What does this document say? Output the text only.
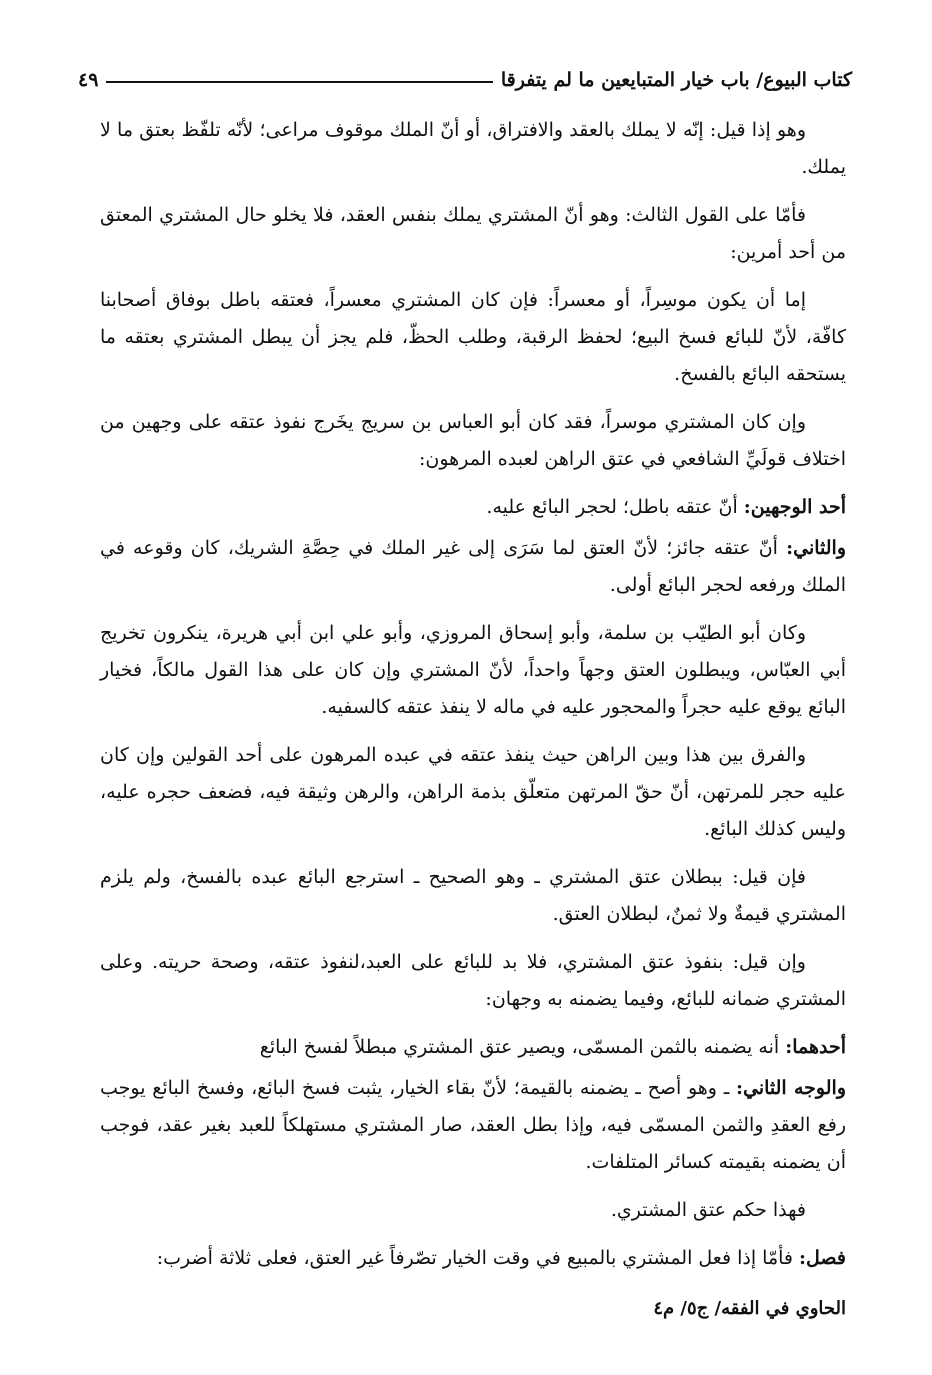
كتاب البيوع/ باب خيار المتبايعين ما لم يتفرقا
٤٩

وهو إذا قيل: إنّه لا يملك بالعقد والافتراق، أو أنّ الملك موقوف مراعى؛ لأنّه تلفّظ بعتق ما لا يملك.

فأمّا على القول الثالث: وهو أنّ المشتري يملك بنفس العقد، فلا يخلو حال المشتري المعتق من أحد أمرين:

إما أن يكون موسِراً، أو معسراً: فإن كان المشتري معسراً، فعتقه باطل بوفاق أصحابنا كافّة، لأنّ للبائع فسخ البيع؛ لحفظ الرقبة، وطلب الحظّ، فلم يجز أن يبطل المشتري بعتقه ما يستحقه البائع بالفسخ.

وإن كان المشتري موسراً، فقد كان أبو العباس بن سريج يخَرج نفوذ عتقه على وجهين من اختلاف قولَيِّ الشافعي في عتق الراهن لعبده المرهون:

أحد الوجهين: أنّ عتقه باطل؛ لحجر البائع عليه.

والثاني: أنّ عتقه جائز؛ لأنّ العتق لما سَرَى إلى غير الملك في حِصَّةِ الشريك، كان وقوعه في الملك ورفعه لحجر البائع أولى.

وكان أبو الطيّب بن سلمة، وأبو إسحاق المروزي، وأبو علي ابن أبي هريرة، ينكرون تخريج أبي العبّاس، ويبطلون العتق وجهاً واحداً، لأنّ المشتري وإن كان على هذا القول مالكاً، فخيار البائع يوقع عليه حجراً والمحجور عليه في ماله لا ينفذ عتقه كالسفيه.

والفرق بين هذا وبين الراهن حيث ينفذ عتقه في عبده المرهون على أحد القولين وإن كان عليه حجر للمرتهن، أنّ حقّ المرتهن متعلّق بذمة الراهن، والرهن وثيقة فيه، فضعف حجره عليه، وليس كذلك البائع.

فإن قيل: ببطلان عتق المشتري ـ وهو الصحيح ـ استرجع البائع عبده بالفسخ، ولم يلزم المشتري قيمةٌ ولا ثمنٌ، لبطلان العتق.

وإن قيل: بنفوذ عتق المشتري، فلا بد للبائع على العبد،لنفوذ عتقه، وصحة حريته. وعلى المشتري ضمانه للبائع، وفيما يضمنه به وجهان:

أحدهما: أنه يضمنه بالثمن المسمّى، ويصير عتق المشتري مبطلاً لفسخ البائع

والوجه الثاني: ـ وهو أصح ـ يضمنه بالقيمة؛ لأنّ بقاء الخيار، يثبت فسخ البائع، وفسخ البائع يوجب رفع العقدِ والثمن المسمّى فيه، وإذا بطل العقد، صار المشتري مستهلكاً للعبد بغير عقد، فوجب أن يضمنه بقيمته كسائر المتلفات.

فهذا حكم عتق المشتري.

فصل: فأمّا إذا فعل المشتري بالمبيع في وقت الخيار تصّرفاً غير العتق، فعلى ثلاثة أضرب:

الحاوي في الفقه/ ج٥/ م٤
